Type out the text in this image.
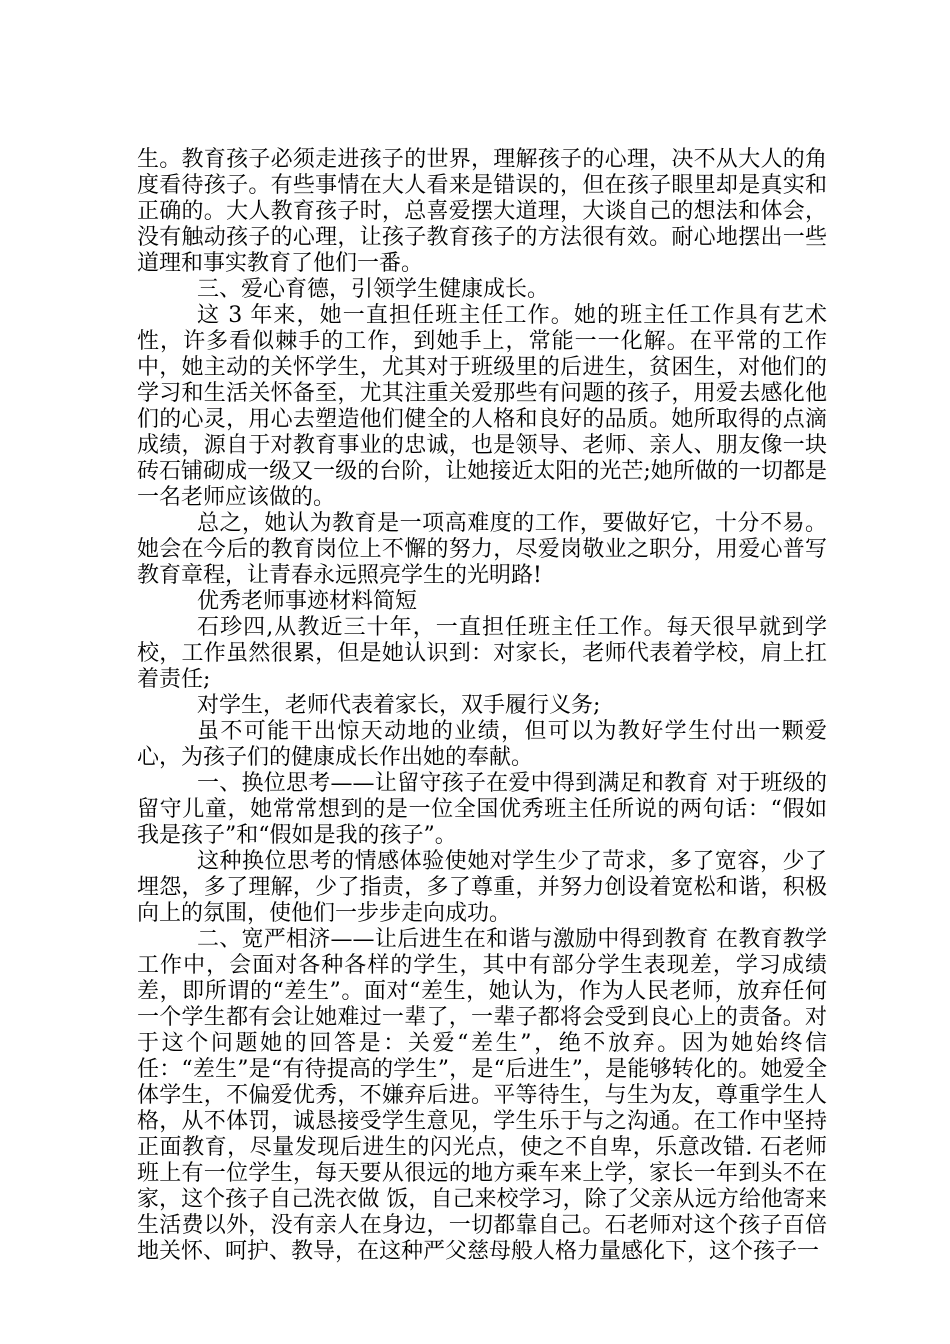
生。教育孩子必须走进孩子的世界，理解孩子的心理，决不从大人的角度看待孩子。有些事情在大人看来是错误的，但在孩子眼里却是真实和正确的。大人教育孩子时，总喜爱摆大道理，大谈自己的想法和体会，没有触动孩子的心理，让孩子教育孩子的方法很有效。耐心地摆出一些道理和事实教育了他们一番。

三、爱心育德，引领学生健康成长。

这 3 年来，她一直担任班主任工作。她的班主任工作具有艺术性，许多看似棘手的工作，到她手上，常能一一化解。在平常的工作中，她主动的关怀学生，尤其对于班级里的后进生，贫困生，对他们的学习和生活关怀备至，尤其注重关爱那些有问题的孩子，用爱去感化他们的心灵，用心去塑造他们健全的人格和良好的品质。她所取得的点滴成绩，源自于对教育事业的忠诚，也是领导、老师、亲人、朋友像一块砖石铺砌成一级又一级的台阶，让她接近太阳的光芒;她所做的一切都是一名老师应该做的。

总之，她认为教育是一项高难度的工作，要做好它，十分不易。她会在今后的教育岗位上不懈的努力，尽爱岗敬业之职分，用爱心普写教育章程，让青春永远照亮学生的光明路!

优秀老师事迹材料简短

石珍四,从教近三十年，一直担任班主任工作。每天很早就到学校，工作虽然很累，但是她认识到：对家长，老师代表着学校，肩上扛着责任;

对学生，老师代表着家长，双手履行义务;

虽不可能干出惊天动地的业绩，但可以为教好学生付出一颗爱心，为孩子们的健康成长作出她的奉献。

一、换位思考——让留守孩子在爱中得到满足和教育 对于班级的留守儿童，她常常想到的是一位全国优秀班主任所说的两句话：“假如我是孩子”和“假如是我的孩子”。

这种换位思考的情感体验使她对学生少了苛求，多了宽容，少了埋怨，多了理解，少了指责，多了尊重，并努力创设着宽松和谐，积极向上的氛围，使他们一步步走向成功。

二、宽严相济——让后进生在和谐与激励中得到教育 在教育教学工作中，会面对各种各样的学生，其中有部分学生表现差，学习成绩差，即所谓的“差生”。面对“差生，她认为，作为人民老师，放弃任何一个学生都有会让她难过一辈了，一辈子都将会受到良心上的责备。对于这个问题她的回答是：关爱“差生”，绝不放弃。因为她始终信任：“差生”是“有待提高的学生”，是“后进生”，是能够转化的。她爱全体学生，不偏爱优秀，不嫌弃后进。平等待生，与生为友，尊重学生人格，从不体罚，诚恳接受学生意见，学生乐于与之沟通。在工作中坚持正面教育，尽量发现后进生的闪光点，使之不自卑，乐意改错. 石老师班上有一位学生，每天要从很远的地方乘车来上学，家长一年到头不在家，这个孩子自己洗衣做 饭，自己来校学习，除了父亲从远方给他寄来生活费以外，没有亲人在身边，一切都靠自己。石老师对这个孩子百倍地关怀、呵护、教导，在这种严父慈母般人格力量感化下，这个孩子一
